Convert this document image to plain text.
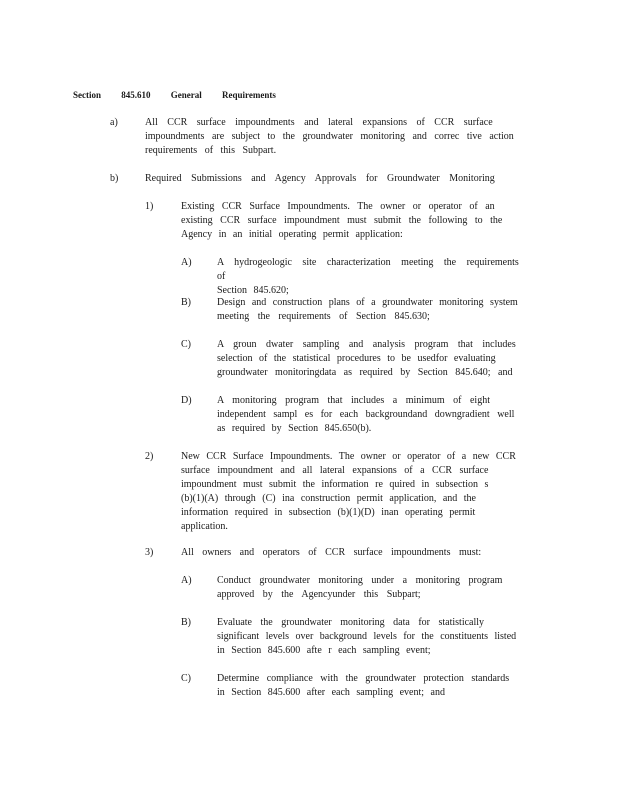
Section 845.610 General Requirements
a)	All CCR surface impoundments and lateral expansions of CCR surface
impoundments are subject to the groundwater monitoring and correc tive action
requirements of this Subpart.
b)	Required Submissions and Agency Approvals for Groundwater Monitoring
1)	Existing CCR Surface Impoundments. The owner or operator of an
existing CCR surface impoundment must submit the following to the
Agency in an initial operating permit application:
A)	A hydrogeologic site characterization meeting the requirements of
Section 845.620;
B)	Design and construction plans of a groundwater monitoring system
meeting the requirements of Section 845.630;
C)	A groun dwater sampling and analysis program that includes
selection of the statistical procedures to be usedfor evaluating
groundwater monitoringdata as required by Section 845.640; and
D)	A monitoring program that includes a minimum of eight
independent sampl es for each backgroundand downgradient well
as required by Section 845.650(b).
2)	New CCR Surface Impoundments. The owner or operator of a new CCR
surface impoundment and all lateral expansions of a CCR surface
impoundment must submit the information re quired in subsection s
(b)(1)(A) through (C) ina construction permit application, and the
information required in subsection (b)(1)(D) inan operating permit
application.
3)	All owners and operators of CCR surface impoundments must:
A)	Conduct groundwater monitoring under a monitoring program
approved by the Agencyunder this Subpart;
B)	Evaluate the groundwater monitoring data for statistically
significant levels over background levels for the constituents listed
in Section 845.600 afte r each sampling event;
C)	Determine compliance with the groundwater protection standards
in Section 845.600 after each sampling event; and
